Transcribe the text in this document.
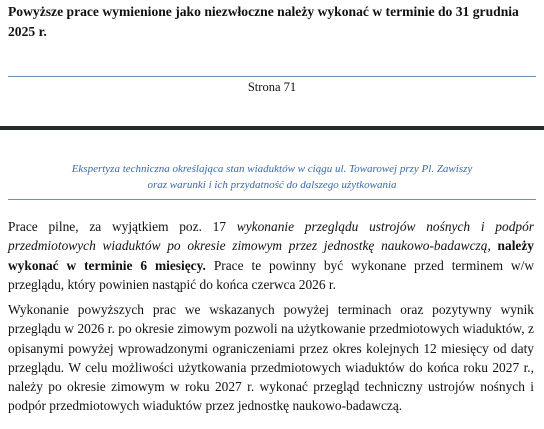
Powyższe prace wymienione jako niezwłoczne należy wykonać w terminie do 31 grudnia 2025 r.
Strona 71
Ekspertyza techniczna określająca stan wiaduktów w ciągu ul. Towarowej przy Pl. Zawiszy
oraz warunki i ich przydatność do dalszego użytkowania
Prace pilne, za wyjątkiem poz. 17 wykonanie przeglądu ustrojów nośnych i podpór przedmiotowych wiaduktów po okresie zimowym przez jednostkę naukowo-badawczą, należy wykonać w terminie 6 miesięcy. Prace te powinny być wykonane przed terminem w/w przeglądu, który powinien nastąpić do końca czerwca 2026 r.
Wykonanie powyższych prac we wskazanych powyżej terminach oraz pozytywny wynik przeglądu w 2026 r. po okresie zimowym pozwoli na użytkowanie przedmiotowych wiaduktów, z opisanymi powyżej wprowadzonymi ograniczeniami przez okres kolejnych 12 miesięcy od daty przeglądu. W celu możliwości użytkowania przedmiotowych wiaduktów do końca roku 2027 r., należy po okresie zimowym w roku 2027 r. wykonać przegląd techniczny ustrojów nośnych i podpór przedmiotowych wiaduktów przez jednostkę naukowo-badawczą.
